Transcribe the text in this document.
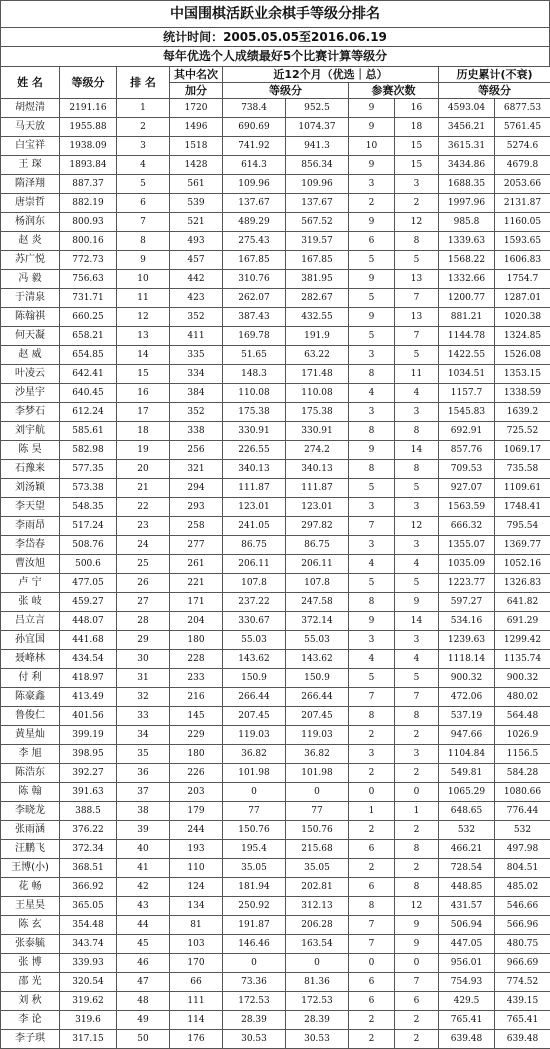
中国围棋活跃业余棋手等级分排名
统计时间：2005.05.05至2016.06.19
每年优选个人成绩最好5个比赛计算等级分
姓 名	等级分	排 名	其中名次	近12个月（优选｜总）				历史累计(不衰)	
			加分	等级分		参赛次数		等级分	
胡煜清	2191.16	1	1720	738.4	952.5	9	16	4593.04	6877.53
马天放	1955.88	2	1496	690.69	1074.37	9	18	3456.21	5761.45
白宝祥	1938.09	3	1518	741.92	941.3	10	15	3615.31	5274.6
王 琛	1893.84	4	1428	614.3	856.34	9	15	3434.86	4679.8
隋泽翔	887.37	5	561	109.96	109.96	3	3	1688.35	2053.66
唐崇哲	882.19	6	539	137.67	137.67	2	2	1997.96	2131.87
杨润东	800.93	7	521	489.29	567.52	9	12	985.8	1160.05
赵 炎	800.16	8	493	275.43	319.57	6	8	1339.63	1593.65
苏广悦	772.73	9	457	167.85	167.85	5	5	1568.22	1606.83
冯 毅	756.63	10	442	310.76	381.95	9	13	1332.66	1754.7
于清泉	731.71	11	423	262.07	282.67	5	7	1200.77	1287.01
陈翰祺	660.25	12	352	387.43	432.55	9	13	881.21	1020.38
何天凝	658.21	13	411	169.78	191.9	5	7	1144.78	1324.85
赵 威	654.85	14	335	51.65	63.22	3	5	1422.55	1526.08
叶凌云	642.41	15	334	148.3	171.48	8	11	1034.51	1353.15
沙星宇	640.45	16	384	110.08	110.08	4	4	1157.7	1338.59
李梦石	612.24	17	352	175.38	175.38	3	3	1545.83	1639.2
刘宇航	585.61	18	338	330.91	330.91	8	8	692.91	725.52
陈 昊	582.98	19	256	226.55	274.2	9	14	857.76	1069.17
石豫来	577.35	20	321	340.13	340.13	8	8	709.53	735.58
刘汤颖	573.38	21	294	111.87	111.87	5	5	927.07	1109.61
李天望	548.35	22	293	123.01	123.01	3	3	1563.59	1748.41
李雨昂	517.24	23	258	241.05	297.82	7	12	666.32	795.54
李岱春	508.76	24	277	86.75	86.75	3	3	1355.07	1369.77
曹汝旭	500.6	25	261	206.11	206.11	4	4	1035.09	1052.16
卢 宁	477.05	26	221	107.8	107.8	5	5	1223.77	1326.83
张 岐	459.27	27	171	237.22	247.58	8	9	597.27	641.82
吕立言	448.07	28	204	330.67	372.14	9	14	534.16	691.29
孙宜国	441.68	29	180	55.03	55.03	3	3	1239.63	1299.42
聂峰林	434.54	30	228	143.62	143.62	4	4	1118.14	1135.74
付 利	418.97	31	233	150.9	150.9	5	5	900.32	900.32
陈豪鑫	413.49	32	216	266.44	266.44	7	7	472.06	480.02
鲁俊仁	401.56	33	145	207.45	207.45	8	8	537.19	564.48
黄星灿	399.19	34	229	119.03	119.03	2	2	947.66	1026.9
李 旭	398.95	35	180	36.82	36.82	3	3	1104.84	1156.5
陈浩东	392.27	36	226	101.98	101.98	2	2	549.81	584.28
陈 翰	391.63	37	203	0	0	0	0	1065.29	1080.66
李晓龙	388.5	38	179	77	77	1	1	648.65	776.44
张雨涵	376.22	39	244	150.76	150.76	2	2	532	532
汪鹏飞	372.34	40	193	195.4	215.68	6	8	466.21	497.98
王博(小)	368.51	41	110	35.05	35.05	2	2	728.54	804.51
花 畅	366.92	42	124	181.94	202.81	6	8	448.85	485.02
王星昊	365.05	43	134	250.92	312.13	8	12	431.57	546.66
陈 玄	354.48	44	81	191.87	206.28	7	9	506.94	566.96
张泰毓	343.74	45	103	146.46	163.54	7	9	447.05	480.75
张 博	339.93	46	170	0	0	0	0	956.01	966.69
邵 光	320.54	47	66	73.36	81.36	6	7	754.93	774.52
刘 秋	319.62	48	111	172.53	172.53	6	6	429.5	439.15
李 论	319.6	49	114	28.39	28.39	2	2	765.41	765.41
李子琪	317.15	50	176	30.53	30.53	2	2	639.48	639.48
